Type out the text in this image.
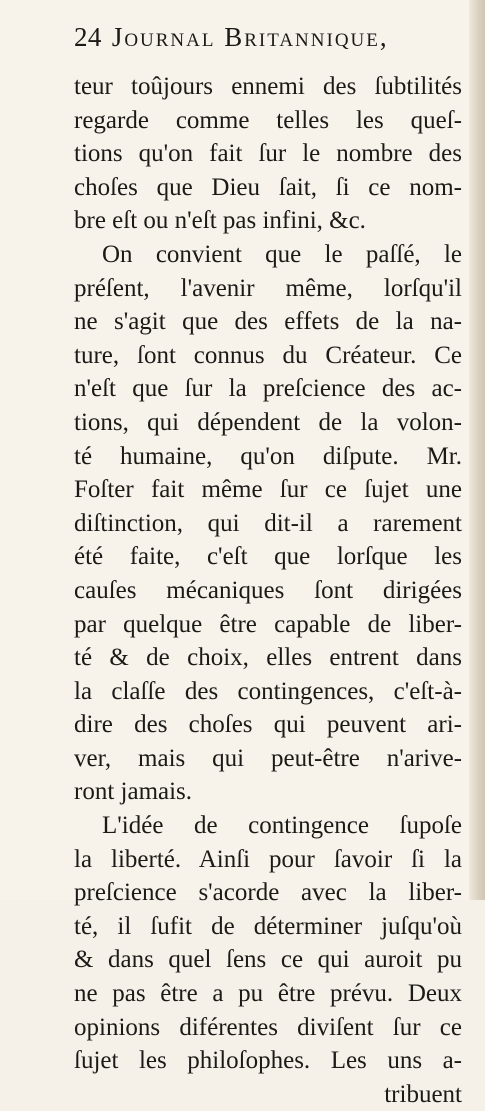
24 Journal Britannique,
teur toûjours ennemi des ſubtilités
regarde comme telles les queſ-
tions qu'on fait ſur le nombre des
choſes que Dieu ſait, ſi ce nom-
bre eſt ou n'eſt pas infini, &c.
On convient que le paſſé, le
préſent, l'avenir même, lorſqu'il
ne s'agit que des effets de la na-
ture, ſont connus du Créateur. Ce
n'eſt que ſur la preſcience des ac-
tions, qui dépendent de la volon-
té humaine, qu'on diſpute. Mr.
Foſter fait même ſur ce ſujet une
diſtinction, qui dit-il a rarement
été faite, c'eſt que lorſque les
cauſes mécaniques ſont dirigées
par quelque être capable de liber-
té & de choix, elles entrent dans
la claſſe des contingences, c'eſt-à-
dire des choſes qui peuvent ari-
ver, mais qui peut-être n'arive-
ront jamais.
L'idée de contingence ſupoſe
la liberté. Ainſi pour ſavoir ſi la
preſcience s'acorde avec la liber-
té, il ſufit de déterminer juſqu'où
& dans quel ſens ce qui auroit pu
ne pas être a pu être prévu. Deux
opinions diférentes diviſent ſur ce
ſujet les philoſophes. Les uns a-
tribuent
